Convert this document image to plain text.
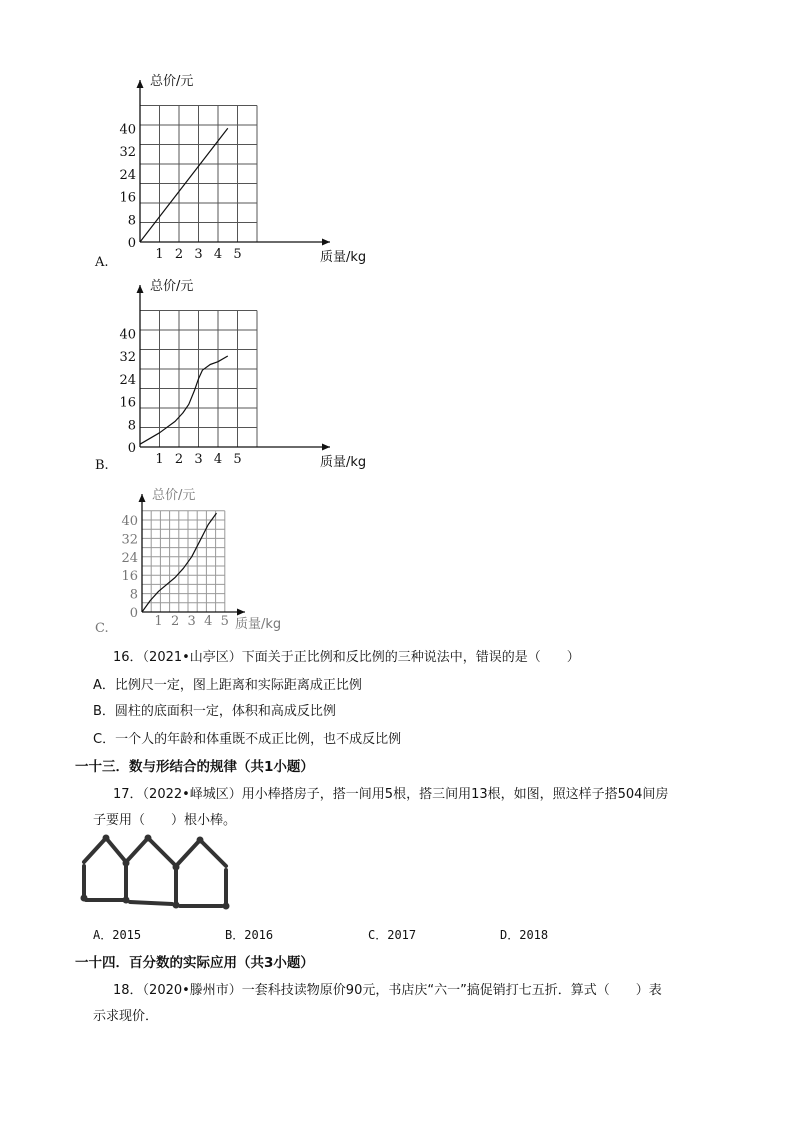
0
8
16
24
32
40
1 2 3 4 5
总价/元
质量/kg
A.
0
8
16
24
32
40
1 2 3 4 5
总价/元
质量/kg
B.
0
8
16
24
32
40
1 2 3 4 5
总价/元
质量/kg
C.
16．（2021•山亭区）下面关于正比例和反比例的三种说法中，错误的是（　　）
A．比例尺一定，图上距离和实际距离成正比例
B．圆柱的底面积一定，体积和高成反比例
C．一个人的年龄和体重既不成正比例，也不成反比例
一十三．数与形结合的规律（共1小题）
17．（2022•峄城区）用小棒搭房子，搭一间用5根，搭三间用13根，如图，照这样子搭504间房
子要用（　　）根小棒。
A．2015	B．2016	C．2017	D．2018
一十四．百分数的实际应用（共3小题）
18．（2020•滕州市）一套科技读物原价90元，书店庆“六一”搞促销打七五折．算式（　　）表
示求现价．
